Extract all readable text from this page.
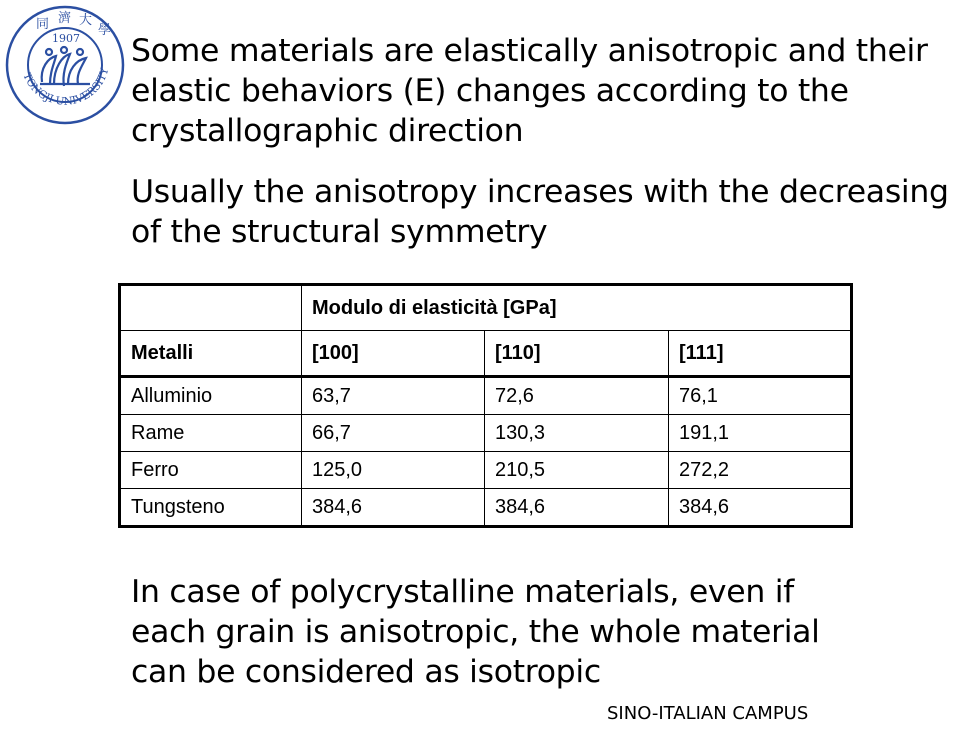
同 濟 大
學
1907
TONGJI UNIVERSITY
Some materials are elastically anisotropic and their
elastic behaviors (E) changes according to the
crystallographic direction
Usually the anisotropy increases with the decreasing
of the structural symmetry
	Modulo di elasticità [GPa]		
Metalli	[100]	[110]	[111]
Alluminio	63,7	72,6	76,1
Rame	66,7	130,3	191,1
Ferro	125,0	210,5	272,2
Tungsteno	384,6	384,6	384,6
In case of polycrystalline materials, even if
each grain is anisotropic, the whole material
can be considered as isotropic
SINO-ITALIAN CAMPUS
